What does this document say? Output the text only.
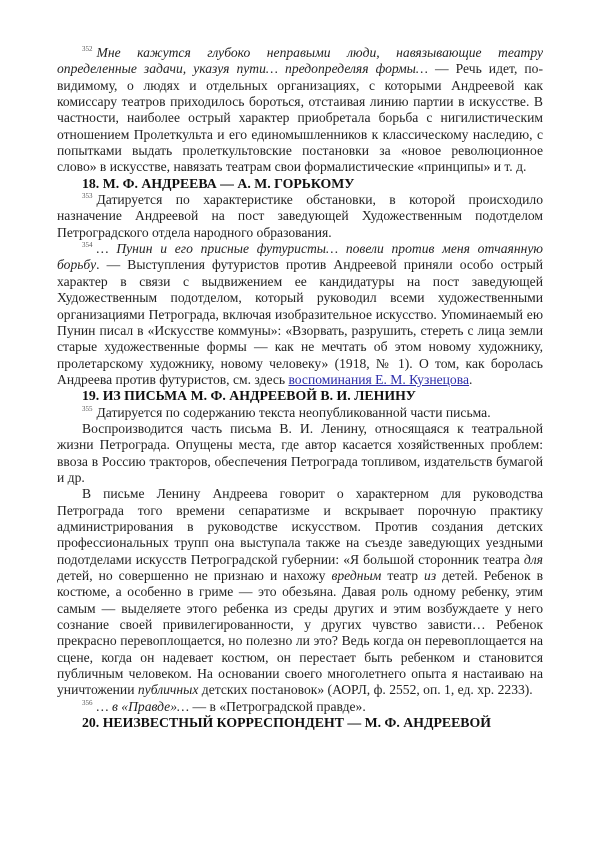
$^{352}$ Мне кажутся глубоко неправыми люди, навязывающие театру определенные задачи, указуя пути… предопределяя формы… — Речь идет, по-видимому, о людях и отдельных организациях, с которыми Андреевой как комиссару театров приходилось бороться, отстаивая линию партии в искусстве. В частности, наиболее острый характер приобретала борьба с нигилистическим отношением Пролеткульта и его единомышленников к классическому наследию, с попытками выдать пролеткультовские постановки за «новое революционное слово» в искусстве, навязать театрам свои формалистические «принципы» и т. д.

18. М. Ф. АНДРЕЕВА — А. М. ГОРЬКОМУ

$^{353}$ Датируется по характеристике обстановки, в которой происходило назначение Андреевой на пост заведующей Художественным подотделом Петроградского отдела народного образования.

$^{354}$ … Пунин и его присные футуристы… повели против меня отчаянную борьбу. — Выступления футуристов против Андреевой приняли особо острый характер в связи с выдвижением ее кандидатуры на пост заведующей Художественным подотделом, который руководил всеми художественными организациями Петрограда, включая изобразительное искусство. Упоминаемый ею Пунин писал в «Искусстве коммуны»: «Взорвать, разрушить, стереть с лица земли старые художественные формы — как не мечтать об этом новому художнику, пролетарскому художнику, новому человеку» (1918, № 1). О том, как боролась Андреева против футуристов, см. здесь воспоминания Е. М. Кузнецова.

19. ИЗ ПИСЬМА М. Ф. АНДРЕЕВОЙ В. И. ЛЕНИНУ

$^{355}$ Датируется по содержанию текста неопубликованной части письма.

Воспроизводится часть письма В. И. Ленину, относящаяся к театральной жизни Петрограда. Опущены места, где автор касается хозяйственных проблем: ввоза в Россию тракторов, обеспечения Петрограда топливом, издательств бумагой и др.

В письме Ленину Андреева говорит о характерном для руководства Петрограда того времени сепаратизме и вскрывает порочную практику администрирования в руководстве искусством. Против создания детских профессиональных трупп она выступала также на съезде заведующих уездными подотделами искусств Петроградской губернии: «Я большой сторонник театра для детей, но совершенно не признаю и нахожу вредным театр из детей. Ребенок в костюме, а особенно в гриме — это обезьяна. Давая роль одному ребенку, этим самым — выделяете этого ребенка из среды других и этим возбуждаете у него сознание своей привилегированности, у других чувство зависти… Ребенок прекрасно перевоплощается, но полезно ли это? Ведь когда он перевоплощается на сцене, когда он надевает костюм, он перестает быть ребенком и становится публичным человеком. На основании своего многолетнего опыта я настаиваю на уничтожении публичных детских постановок» (АОРЛ, ф. 2552, оп. 1, ед. хр. 2233).

$^{356}$ … в «Правде»… — в «Петроградской правде».

20. НЕИЗВЕСТНЫЙ КОРРЕСПОНДЕНТ — М. Ф. АНДРЕЕВОЙ
